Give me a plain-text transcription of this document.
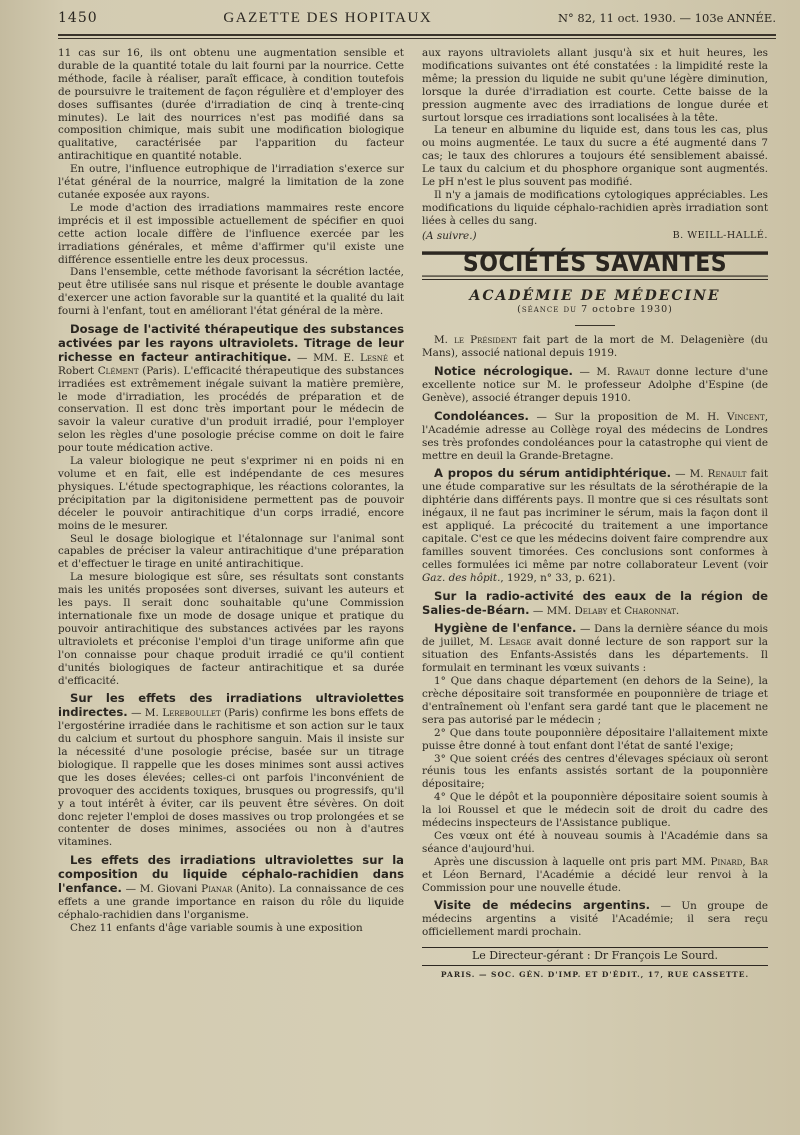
1450	GAZETTE DES HOPITAUX	N° 82, 11 oct. 1930. — 103e ANNÉE.

11 cas sur 16, ils ont obtenu une augmentation sensible et durable de la quantité totale du lait fourni par la nourrice. Cette méthode, facile à réaliser, paraît efficace, à condition toutefois de poursuivre le traitement de façon régulière et d'employer des doses suffisantes (durée d'irradiation de cinq à trente-cinq minutes). Le lait des nourrices n'est pas modifié dans sa composition chimique, mais subit une modification biologique qualitative, caractérisée par l'apparition du facteur antirachitique en quantité notable.

En outre, l'influence eutrophique de l'irradiation s'exerce sur l'état général de la nourrice, malgré la limitation de la zone cutanée exposée aux rayons.

Le mode d'action des irradiations mammaires reste encore imprécis et il est impossible actuellement de spécifier en quoi cette action locale diffère de l'influence exercée par les irradiations générales, et même d'affirmer qu'il existe une différence essentielle entre les deux processus.

Dans l'ensemble, cette méthode favorisant la sécrétion lactée, peut être utilisée sans nul risque et présente le double avantage d'exercer une action favorable sur la quantité et la qualité du lait fourni à l'enfant, tout en améliorant l'état général de la mère.

Dosage de l'activité thérapeutique des substances activées par les rayons ultraviolets. Titrage de leur richesse en facteur antirachitique. — MM. E. Lesné et Robert Clément (Paris). L'efficacité thérapeutique des substances irradiées est extrêmement inégale suivant la matière première, le mode d'irradiation, les procédés de préparation et de conservation. Il est donc très important pour le médecin de savoir la valeur curative d'un produit irradié, pour l'employer selon les règles d'une posologie précise comme on doit le faire pour toute médication active.

La valeur biologique ne peut s'exprimer ni en poids ni en volume et en fait, elle est indépendante de ces mesures physiques. L'étude spectographique, les réactions colorantes, la précipitation par la digitonisidene permettent pas de pouvoir déceler le pouvoir antirachitique d'un corps irradié, encore moins de le mesurer.

Seul le dosage biologique et l'étalonnage sur l'animal sont capables de préciser la valeur antirachitique d'une préparation et d'effectuer le tirage en unité antirachitique.

La mesure biologique est sûre, ses résultats sont constants mais les unités proposées sont diverses, suivant les auteurs et les pays. Il serait donc souhaitable qu'une Commission internationale fixe un mode de dosage unique et pratique du pouvoir antirachitique des substances activées par les rayons ultraviolets et préconise l'emploi d'un tirage uniforme afin que l'on connaisse pour chaque produit irradié ce qu'il contient d'unités biologiques de facteur antirachitique et sa durée d'efficacité.

Sur les effets des irradiations ultraviolettes indirectes. — M. Lereboullet (Paris) confirme les bons effets de l'ergostérine irradiée dans le rachitisme et son action sur le taux du calcium et surtout du phosphore sanguin. Mais il insiste sur la nécessité d'une posologie précise, basée sur un titrage biologique. Il rappelle que les doses minimes sont aussi actives que les doses élevées; celles-ci ont parfois l'inconvénient de provoquer des accidents toxiques, brusques ou progressifs, qu'il y a tout intérêt à éviter, car ils peuvent être sévères. On doit donc rejeter l'emploi de doses massives ou trop prolongées et se contenter de doses minimes, associées ou non à d'autres vitamines.

Les effets des irradiations ultraviolettes sur la composition du liquide céphalo-rachidien dans l'enfance. — M. Giovani Pianar (Anito). La connaissance de ces effets a une grande importance en raison du rôle du liquide céphalo-rachidien dans l'organisme.

Chez 11 enfants d'âge variable soumis à une exposition

aux rayons ultraviolets allant jusqu'à six et huit heures, les modifications suivantes ont été constatées : la limpidité reste la même; la pression du liquide ne subit qu'une légère diminution, lorsque la durée d'irradiation est courte. Cette baisse de la pression augmente avec des irradiations de longue durée et surtout lorsque ces irradiations sont localisées à la tête.

La teneur en albumine du liquide est, dans tous les cas, plus ou moins augmentée. Le taux du sucre a été augmenté dans 7 cas; le taux des chlorures a toujours été sensiblement abaissé. Le taux du calcium et du phosphore organique sont augmentés. Le pH n'est le plus souvent pas modifié.

Il n'y a jamais de modifications cytologiques appréciables. Les modifications du liquide céphalo-rachidien après irradiation sont liées à celles du sang.

(A suivre.)	B. WEILL-HALLÉ.
SOCIÉTÉS SAVANTES
ACADÉMIE DE MÉDECINE
(séance du 7 octobre 1930)

M. le Président fait part de la mort de M. Delagenière (du Mans), associé national depuis 1919.

Notice nécrologique. — M. Ravaut donne lecture d'une excellente notice sur M. le professeur Adolphe d'Espine (de Genève), associé étranger depuis 1910.

Condoléances. — Sur la proposition de M. H. Vincent, l'Académie adresse au Collège royal des médecins de Londres ses très profondes condoléances pour la catastrophe qui vient de mettre en deuil la Grande-Bretagne.

A propos du sérum antidiphtérique. — M. Renault fait une étude comparative sur les résultats de la sérothérapie de la diphtérie dans différents pays. Il montre que si ces résultats sont inégaux, il ne faut pas incriminer le sérum, mais la façon dont il est appliqué. La précocité du traitement a une importance capitale. C'est ce que les médecins doivent faire comprendre aux familles souvent timorées. Ces conclusions sont conformes à celles formulées ici même par notre collaborateur Levent (voir Gaz. des hôpit., 1929, n° 33, p. 621).

Sur la radio-activité des eaux de la région de Salies-de-Béarn. — MM. Delaby et Charonnat.

Hygiène de l'enfance. — Dans la dernière séance du mois de juillet, M. Lesage avait donné lecture de son rapport sur la situation des Enfants-Assistés dans les départements. Il formulait en terminant les vœux suivants :

1° Que dans chaque département (en dehors de la Seine), la crèche dépositaire soit transformée en pouponnière de triage et d'entraînement où l'enfant sera gardé tant que le placement ne sera pas autorisé par le médecin ;

2° Que dans toute pouponnière dépositaire l'allaitement mixte puisse être donné à tout enfant dont l'état de santé l'exige;

3° Que soient créés des centres d'élevages spéciaux où seront réunis tous les enfants assistés sortant de la pouponnière dépositaire;

4° Que le dépôt et la pouponnière dépositaire soient soumis à la loi Roussel et que le médecin soit de droit du cadre des médecins inspecteurs de l'Assistance publique.

Ces vœux ont été à nouveau soumis à l'Académie dans sa séance d'aujourd'hui.

Après une discussion à laquelle ont pris part MM. Pinard, Bar et Léon Bernard, l'Académie a décidé leur renvoi à la Commission pour une nouvelle étude.

Visite de médecins argentins. — Un groupe de médecins argentins a visité l'Académie; il sera reçu officiellement mardi prochain.

Le Directeur-gérant : Dr François Le Sourd.
PARIS. — SOC. GÉN. D'IMP. ET D'ÉDIT., 17, RUE CASSETTE.
